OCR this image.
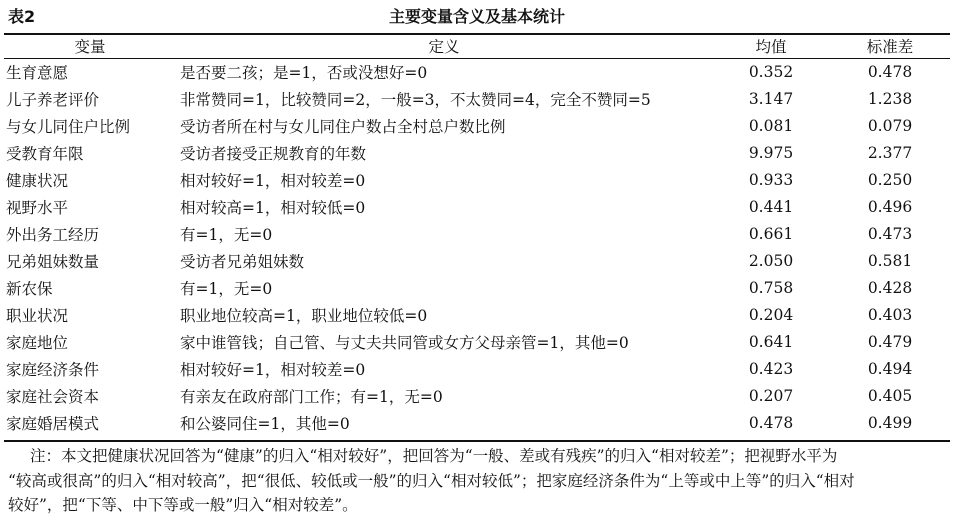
表2	主要变量含义及基本统计
变量	定义	均值	标准差
生育意愿	是否要二孩；是=1，否或没想好=0	0.352	0.478
儿子养老评价	非常赞同=1，比较赞同=2，一般=3，不太赞同=4，完全不赞同=5	3.147	1.238
与女儿同住户比例	受访者所在村与女儿同住户数占全村总户数比例	0.081	0.079
受教育年限	受访者接受正规教育的年数	9.975	2.377
健康状况	相对较好=1，相对较差=0	0.933	0.250
视野水平	相对较高=1，相对较低=0	0.441	0.496
外出务工经历	有=1，无=0	0.661	0.473
兄弟姐妹数量	受访者兄弟姐妹数	2.050	0.581
新农保	有=1，无=0	0.758	0.428
职业状况	职业地位较高=1，职业地位较低=0	0.204	0.403
家庭地位	家中谁管钱；自己管、与丈夫共同管或女方父母亲管=1，其他=0	0.641	0.479
家庭经济条件	相对较好=1，相对较差=0	0.423	0.494
家庭社会资本	有亲友在政府部门工作；有=1，无=0	0.207	0.405
家庭婚居模式	和公婆同住=1，其他=0	0.478	0.499

注：本文把健康状况回答为“健康”的归入“相对较好”，把回答为“一般、差或有残疾”的归入“相对较差”；把视野水平为

“较高或很高”的归入“相对较高”，把“很低、较低或一般”的归入“相对较低”；把家庭经济条件为“上等或中上等”的归入“相对

较好”，把“下等、中下等或一般”归入“相对较差”。
